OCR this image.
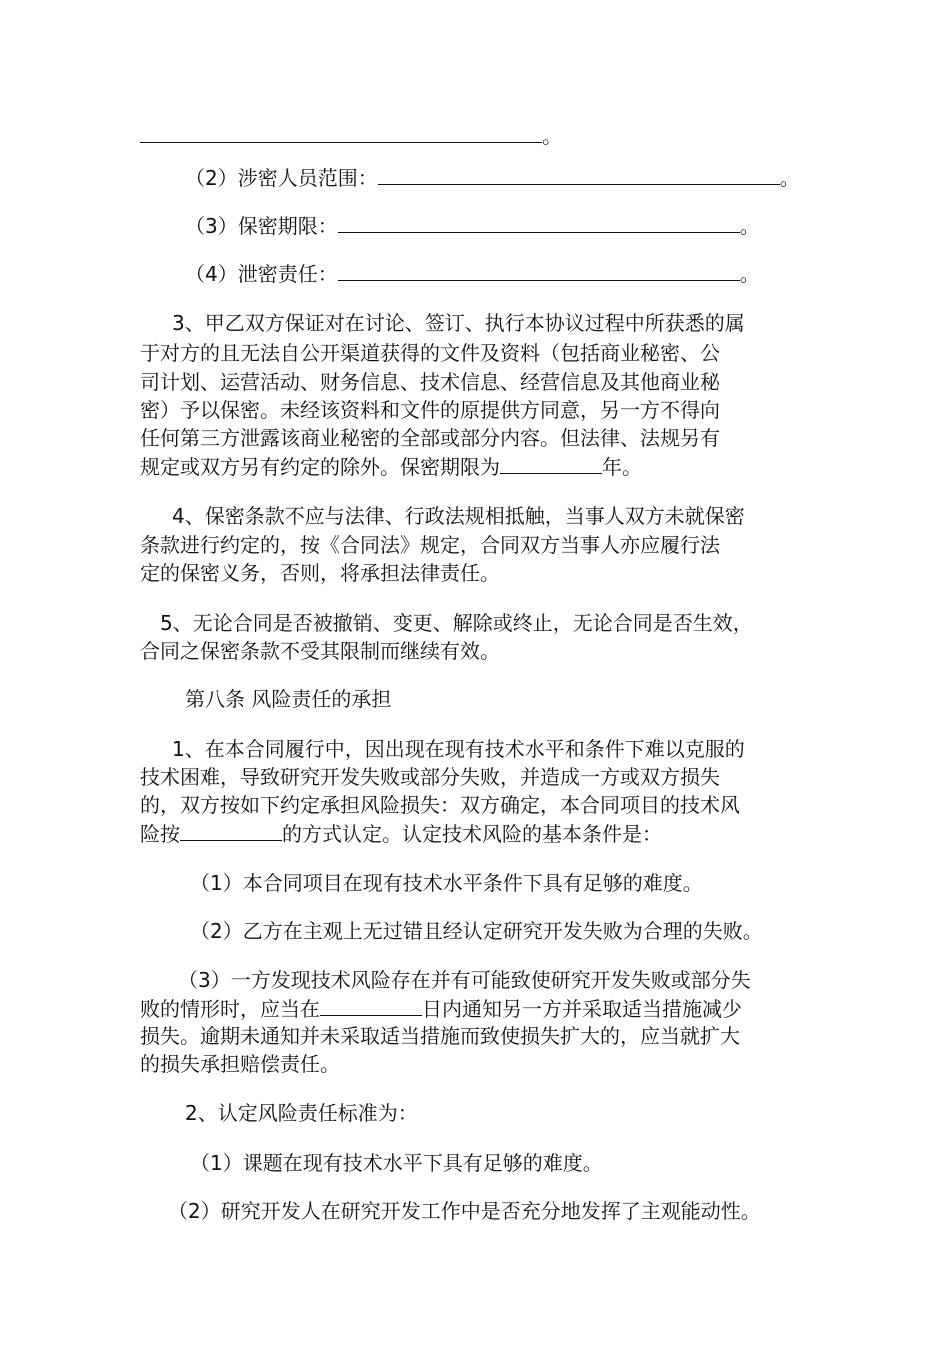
。
（2）涉密人员范围：	。
（3）保密期限：	。
（4）泄密责任：	。
3、甲乙双方保证对在讨论、签订、执行本协议过程中所获悉的属
于对方的且无法自公开渠道获得的文件及资料（包括商业秘密、公
司计划、运营活动、财务信息、技术信息、经营信息及其他商业秘
密）予以保密。未经该资料和文件的原提供方同意，另一方不得向
任何第三方泄露该商业秘密的全部或部分内容。但法律、法规另有
规定或双方另有约定的除外。保密期限为	年。
4、保密条款不应与法律、行政法规相抵触，当事人双方未就保密
条款进行约定的，按《合同法》规定，合同双方当事人亦应履行法
定的保密义务，否则，将承担法律责任。
5、无论合同是否被撤销、变更、解除或终止，无论合同是否生效，
合同之保密条款不受其限制而继续有效。
第八条 风险责任的承担
1、在本合同履行中，因出现在现有技术水平和条件下难以克服的
技术困难，导致研究开发失败或部分失败，并造成一方或双方损失
的，双方按如下约定承担风险损失：双方确定，本合同项目的技术风
险按	的方式认定。认定技术风险的基本条件是：
（1）本合同项目在现有技术水平条件下具有足够的难度。
（2）乙方在主观上无过错且经认定研究开发失败为合理的失败。
（3）一方发现技术风险存在并有可能致使研究开发失败或部分失
败的情形时，应当在	日内通知另一方并采取适当措施减少
损失。逾期未通知并未采取适当措施而致使损失扩大的，应当就扩大
的损失承担赔偿责任。
2、认定风险责任标准为：
（1）课题在现有技术水平下具有足够的难度。
（2）研究开发人在研究开发工作中是否充分地发挥了主观能动性。
